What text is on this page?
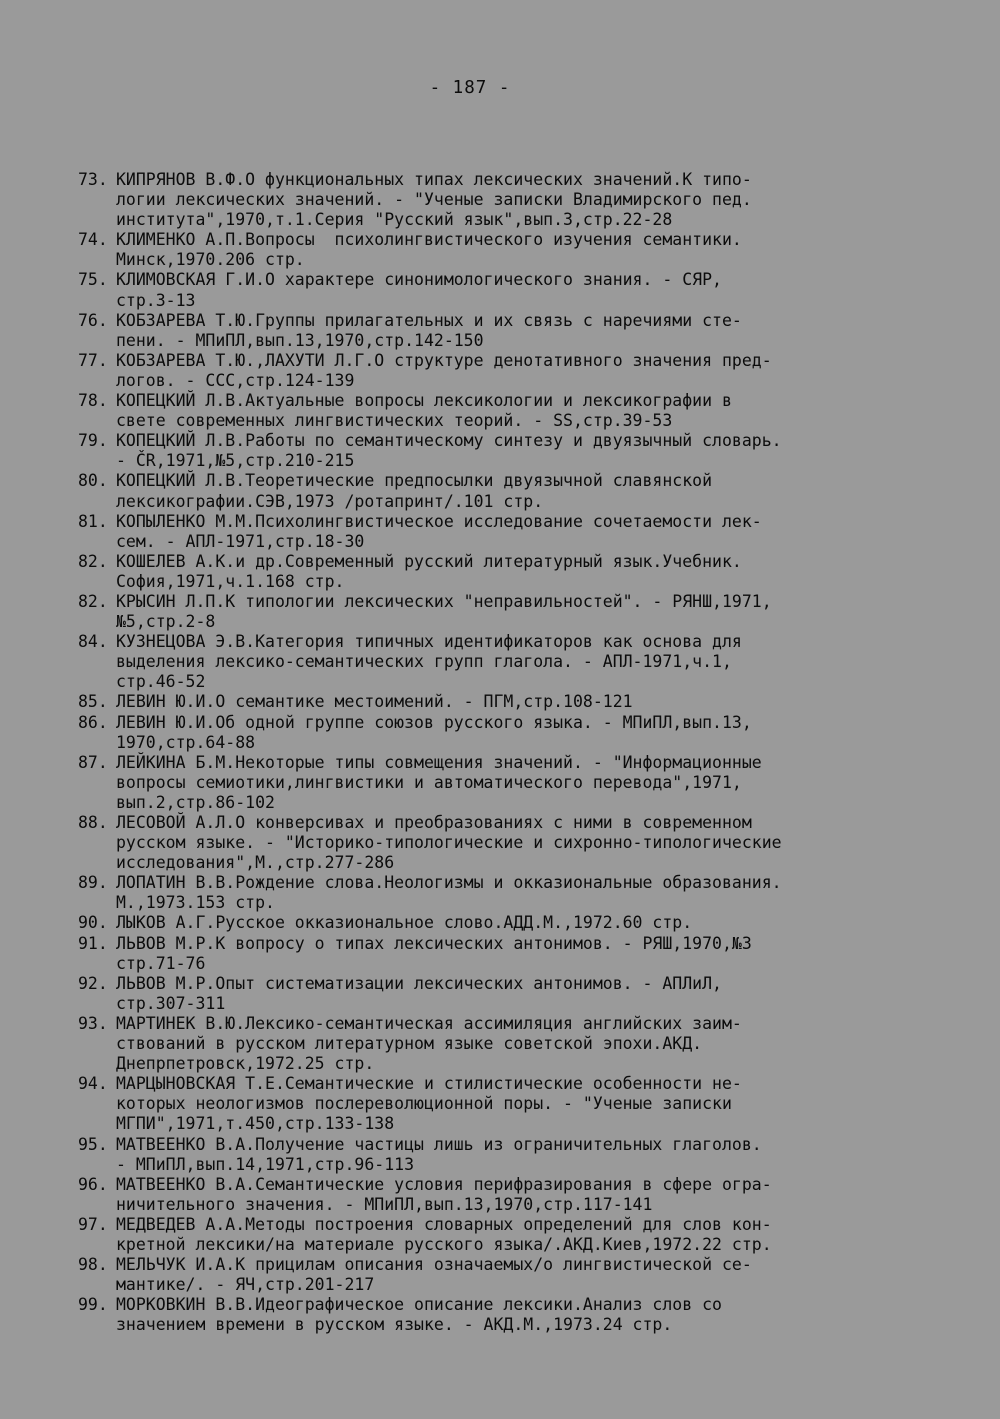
- 187 -
73. КИПРЯНОВ В.Ф.О функциональных типах лексических значений.К типо-
логии лексических значений. - "Ученые записки Владимирского пед.
института",1970,т.1.Серия "Русский язык",вып.3,стр.22-28
74. КЛИМЕНКО А.П.Вопросы  психолингвистического изучения семантики.
Минск,1970.206 стр.
75. КЛИМОВСКАЯ Г.И.О характере синонимологического знания. - СЯР,
стр.3-13
76. КОБЗАРЕВА Т.Ю.Группы прилагательных и их связь с наречиями сте-
пени. - МПиПЛ,вып.13,1970,стр.142-150
77. КОБЗАРЕВА Т.Ю.,ЛАХУТИ Л.Г.О структуре денотативного значения пред-
логов. - ССС,стр.124-139
78. КОПЕЦКИЙ Л.В.Актуальные вопросы лексикологии и лексикографии в
свете современных лингвистических теорий. - SS,стр.39-53
79. КОПЕЦКИЙ Л.В.Работы по семантическому синтезу и двуязычный словарь.
- ČR,1971,№5,стр.210-215
80. КОПЕЦКИЙ Л.В.Теоретические предпосылки двуязычной славянской
лексикографии.СЭВ,1973 /ротапринт/.101 стр.
81. КОПЫЛЕНКО М.М.Психолингвистическое исследование сочетаемости лек-
сем. - АПЛ-1971,стр.18-30
82. КОШЕЛЕВ А.К.и др.Современный русский литературный язык.Учебник.
София,1971,ч.1.168 стр.
82. КРЫСИН Л.П.К типологии лексических "неправильностей". - РЯНШ,1971,
№5,стр.2-8
84. КУЗНЕЦОВА Э.В.Категория типичных идентификаторов как основа для
выделения лексико-семантических групп глагола. - АПЛ-1971,ч.1,
стр.46-52
85. ЛЕВИН Ю.И.О семантике местоимений. - ПГМ,стр.108-121
86. ЛЕВИН Ю.И.Об одной группе союзов русского языка. - МПиПЛ,вып.13,
1970,стр.64-88
87. ЛЕЙКИНА Б.М.Некоторые типы совмещения значений. - "Информационные
вопросы семиотики,лингвистики и автоматического перевода",1971,
вып.2,стр.86-102
88. ЛЕСОВОЙ А.Л.О конверсивах и преобразованиях с ними в современном
русском языке. - "Историко-типологические и сихронно-типологические
исследования",М.,стр.277-286
89. ЛОПАТИН В.В.Рождение слова.Неологизмы и окказиональные образования.
М.,1973.153 стр.
90. ЛЫКОВ А.Г.Русское окказиональное слово.АДД.М.,1972.60 стр.
91. ЛЬВОВ М.Р.К вопросу о типах лексических антонимов. - РЯШ,1970,№3
стр.71-76
92. ЛЬВОВ М.Р.Опыт систематизации лексических антонимов. - АПЛиЛ,
стр.307-311
93. МАРТИНЕК В.Ю.Лексико-семантическая ассимиляция английских заим-
ствований в русском литературном языке советской эпохи.АКД.
Днепрпетровск,1972.25 стр.
94. МАРЦЫНОВСКАЯ Т.Е.Семантические и стилистические особенности не-
которых неологизмов послереволюционной поры. - "Ученые записки
МГПИ",1971,т.450,стр.133-138
95. МАТВЕЕНКО В.А.Получение частицы лишь из ограничительных глаголов.
- МПиПЛ,вып.14,1971,стр.96-113
96. МАТВЕЕНКО В.А.Семантические условия перифразирования в сфере огра-
ничительного значения. - МПиПЛ,вып.13,1970,стр.117-141
97. МЕДВЕДЕВ А.А.Методы построения словарных определений для слов кон-
кретной лексики/на материале русского языка/.АКД.Киев,1972.22 стр.
98. МЕЛЬЧУК И.А.К прицилам описания означаемых/о лингвистической се-
мантике/. - ЯЧ,стр.201-217
99. МОРКОВКИН В.В.Идеографическое описание лексики.Анализ слов со
значением времени в русском языке. - АКД.М.,1973.24 стр.
